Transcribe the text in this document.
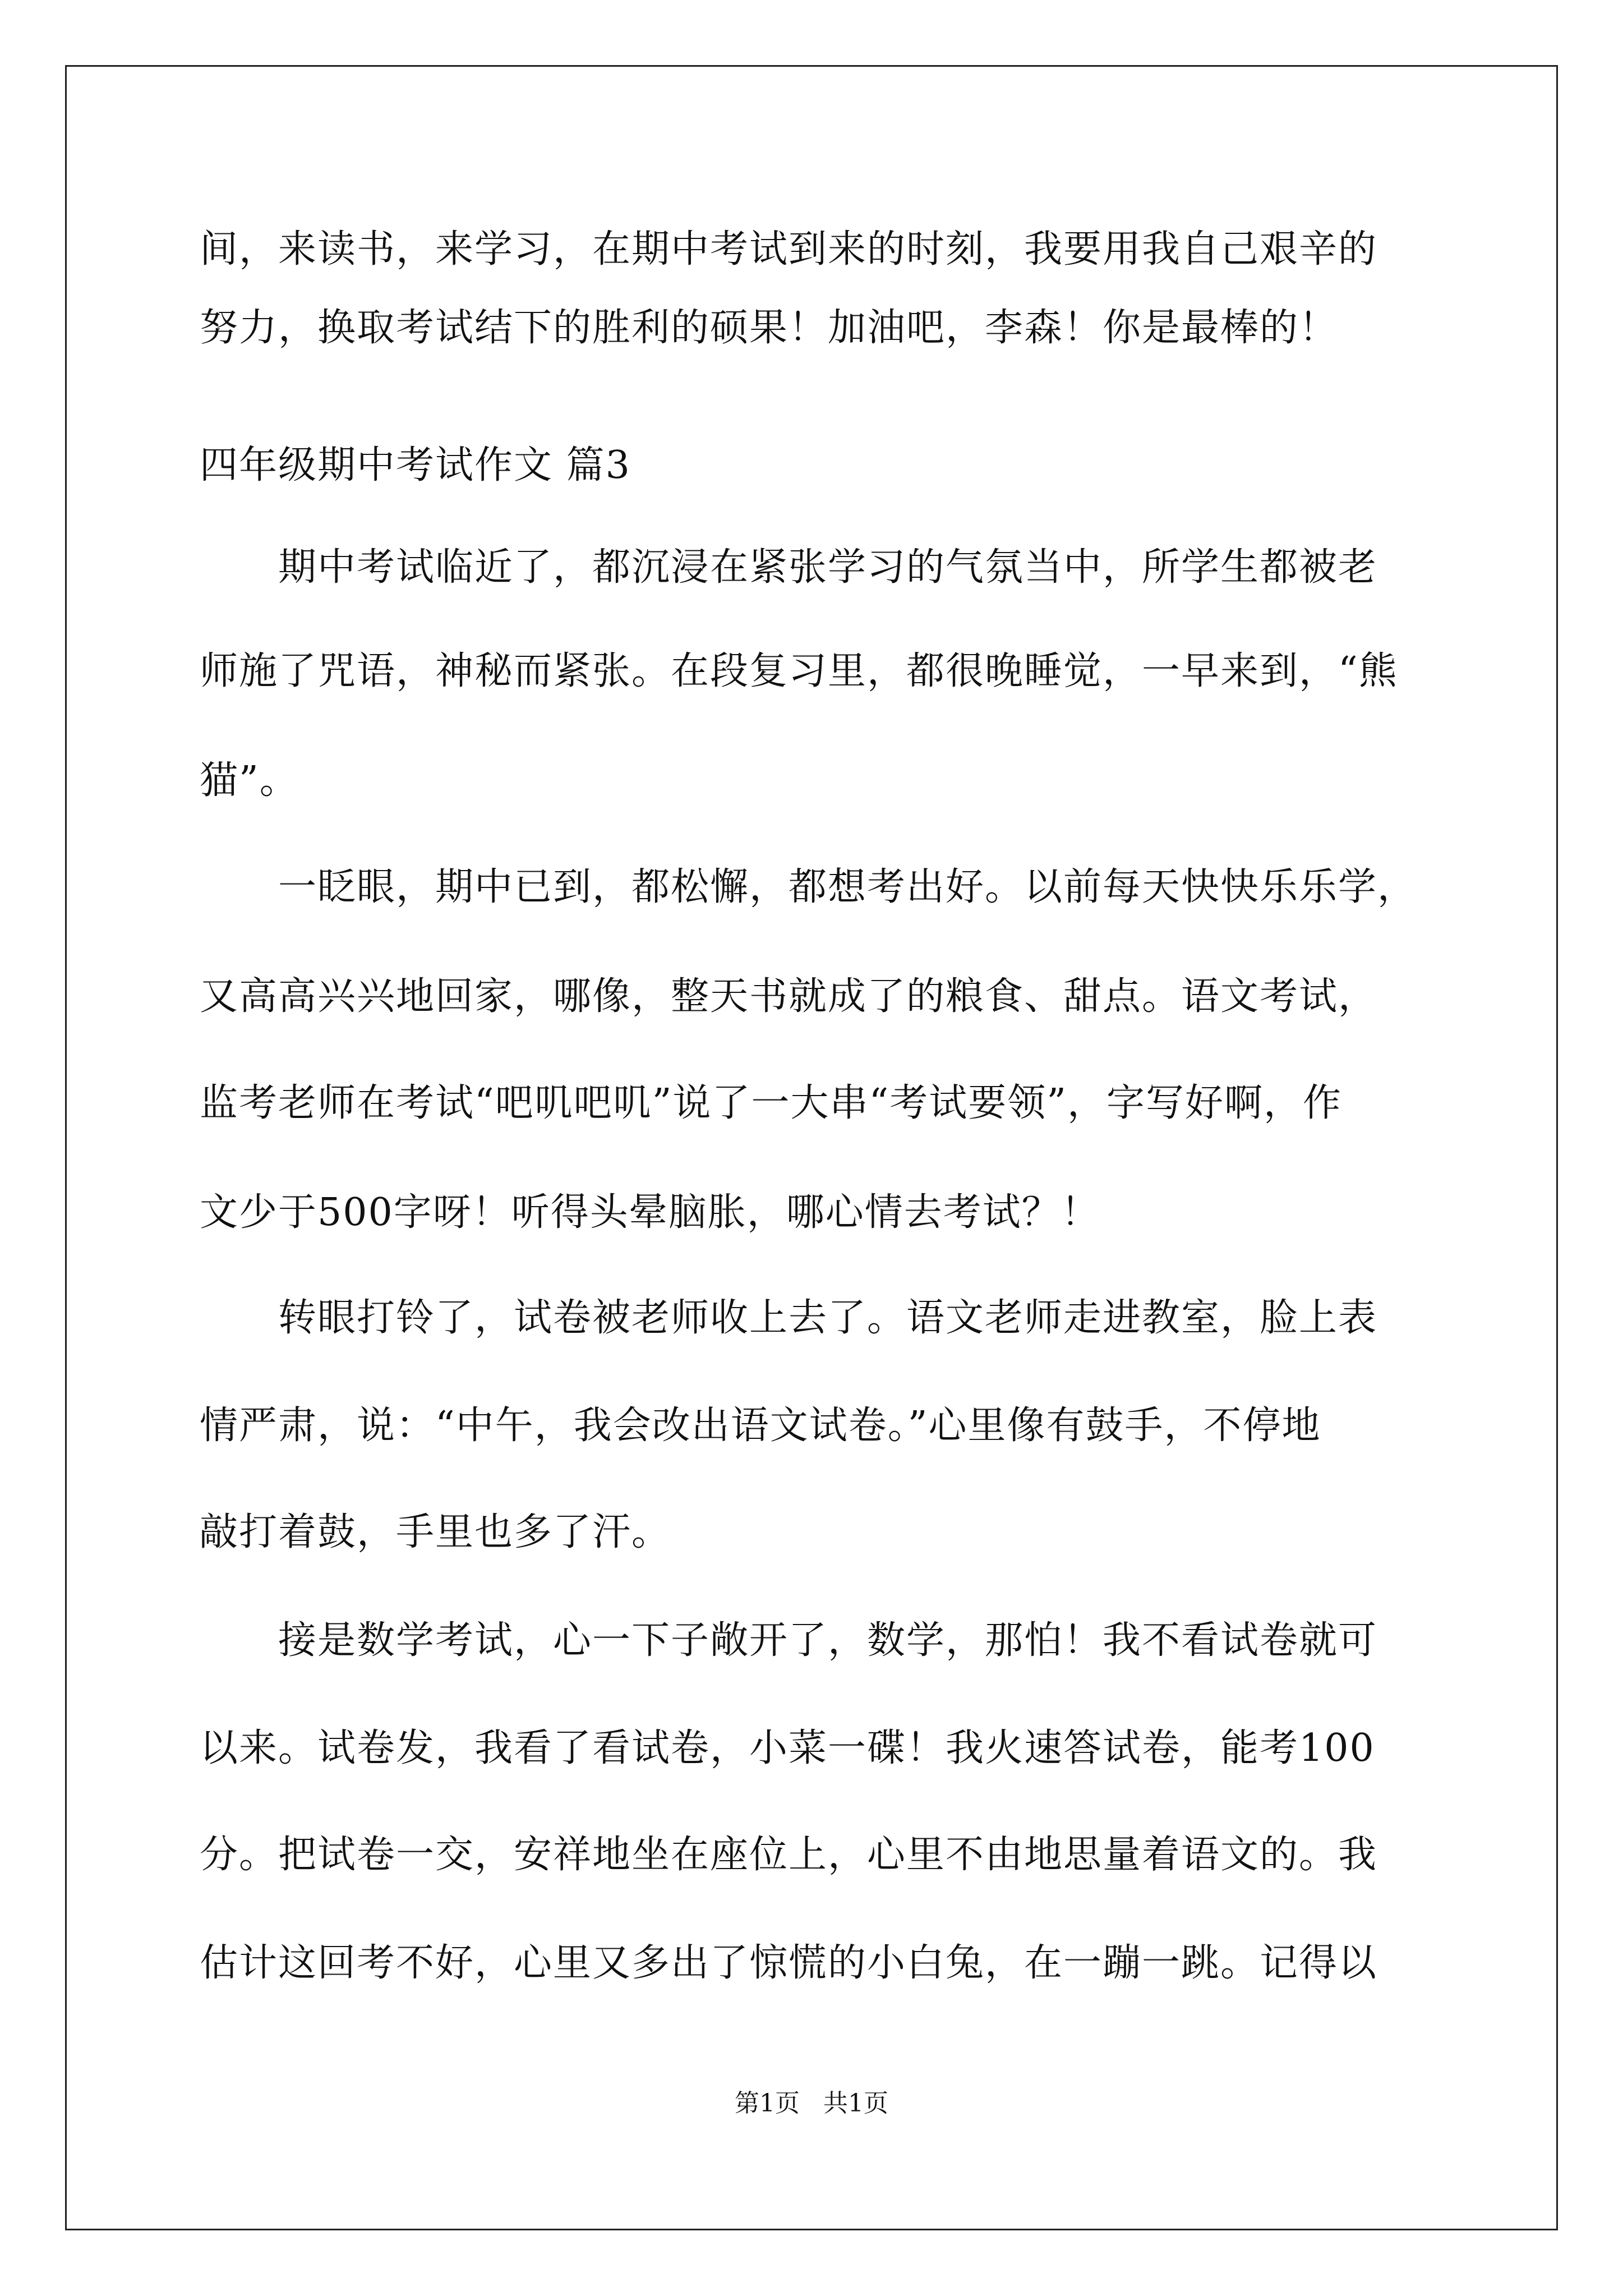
间，来读书，来学习，在期中考试到来的时刻，我要用我自己艰辛的
努力，换取考试结下的胜利的硕果！加油吧，李森！你是最棒的！
四年级期中考试作文 篇3
　　期中考试临近了，都沉浸在紧张学习的气氛当中，所学生都被老
师施了咒语，神秘而紧张。在段复习里，都很晚睡觉，一早来到，“熊
猫”。
　　一眨眼，期中已到，都松懈，都想考出好。以前每天快快乐乐学，
又高高兴兴地回家，哪像，整天书就成了的粮食、甜点。语文考试，
监考老师在考试“吧叽吧叽”说了一大串“考试要领”，字写好啊，作
文少于500字呀！听得头晕脑胀，哪心情去考试？！
　　转眼打铃了，试卷被老师收上去了。语文老师走进教室，脸上表
情严肃，说：“中午，我会改出语文试卷。”心里像有鼓手，不停地
敲打着鼓，手里也多了汗。
　　接是数学考试，心一下子敞开了，数学，那怕！我不看试卷就可
以来。试卷发，我看了看试卷，小菜一碟！我火速答试卷，能考100
分。把试卷一交，安祥地坐在座位上，心里不由地思量着语文的。我
估计这回考不好，心里又多出了惊慌的小白兔，在一蹦一跳。记得以
第1页   共1页
